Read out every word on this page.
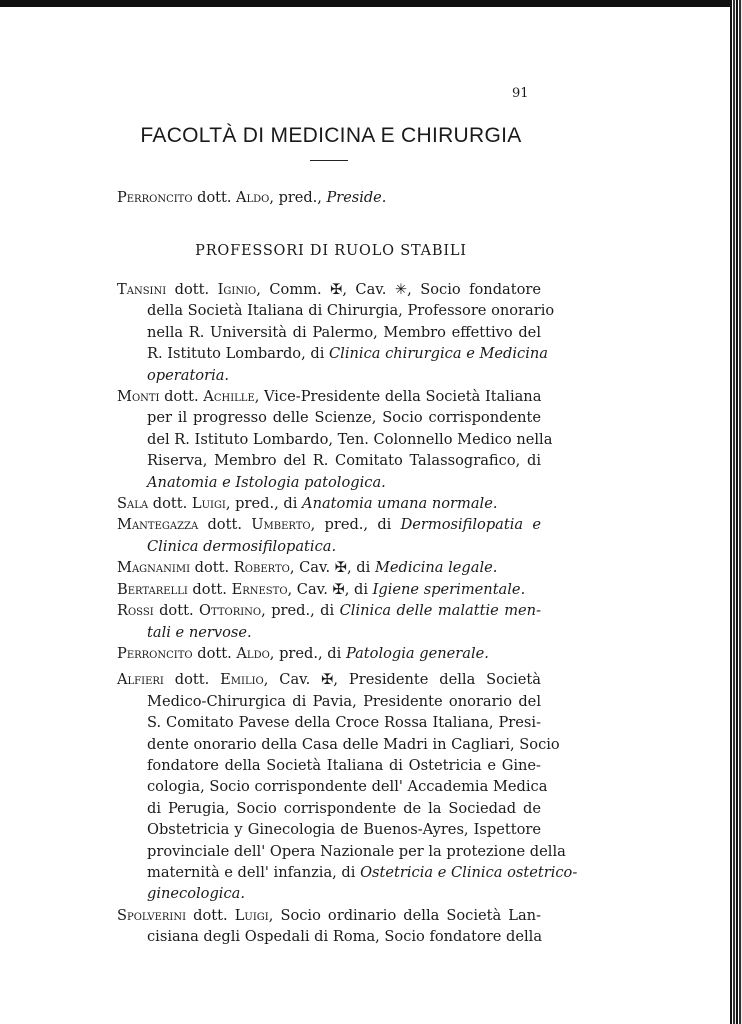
91
FACOLTÀ DI MEDICINA E CHIRURGIA
Perroncito dott. Aldo, pred., Preside.
PROFESSORI DI RUOLO STABILI
Tansini dott. Iginio, Comm. ✠, Cav. ✳, Socio fondatore
della Società Italiana di Chirurgia, Professore onorario
nella R. Università di Palermo, Membro effettivo del
R. Istituto Lombardo, di Clinica chirurgica e Medicina
operatoria.
Monti dott. Achille, Vice-Presidente della Società Italiana
per il progresso delle Scienze, Socio corrispondente
del R. Istituto Lombardo, Ten. Colonnello Medico nella
Riserva, Membro del R. Comitato Talassografico, di
Anatomia e Istologia patologica.
Sala dott. Luigi, pred., di Anatomia umana normale.
Mantegazza dott. Umberto, pred., di Dermosifilopatia e
Clinica dermosifilopatica.
Magnanimi dott. Roberto, Cav. ✠, di Medicina legale.
Bertarelli dott. Ernesto, Cav. ✠, di Igiene sperimentale.
Rossi dott. Ottorino, pred., di Clinica delle malattie men-
tali e nervose.
Perroncito dott. Aldo, pred., di Patologia generale.
Alfieri dott. Emilio, Cav. ✠, Presidente della Società
Medico-Chirurgica di Pavia, Presidente onorario del
S. Comitato Pavese della Croce Rossa Italiana, Presi-
dente onorario della Casa delle Madri in Cagliari, Socio
fondatore della Società Italiana di Ostetricia e Gine-
cologia, Socio corrispondente dell' Accademia Medica
di Perugia, Socio corrispondente de la Sociedad de
Obstetricia y Ginecologia de Buenos-Ayres, Ispettore
provinciale dell' Opera Nazionale per la protezione della
maternità e dell' infanzia, di Ostetricia e Clinica ostetrico-
ginecologica.
Spolverini dott. Luigi, Socio ordinario della Società Lan-
cisiana degli Ospedali di Roma, Socio fondatore della
